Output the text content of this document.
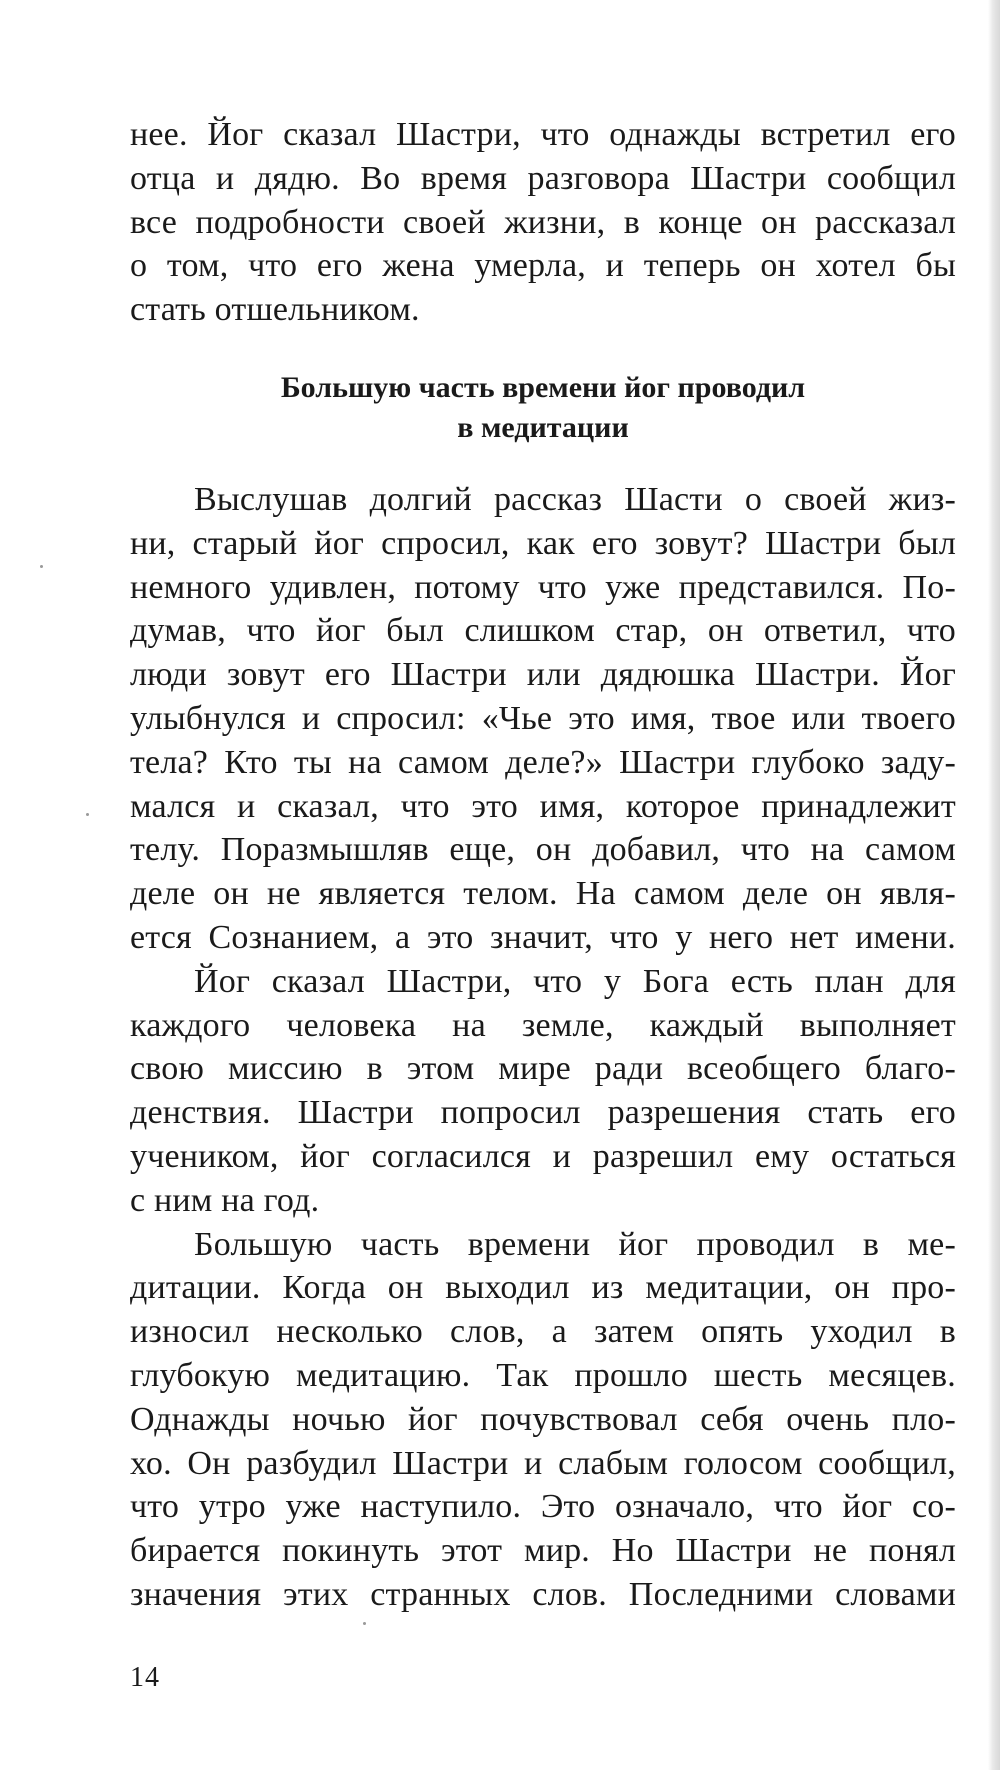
нее. Йог сказал Шастри, что однажды встретил его
отца и дядю. Во время разговора Шастри сообщил
все подробности своей жизни, в конце он рассказал
о том, что его жена умерла, и теперь он хотел бы
стать отшельником.
Большую часть времени йог проводил
в медитации
Выслушав долгий рассказ Шасти о своей жиз-
ни, старый йог спросил, как его зовут? Шастри был
немного удивлен, потому что уже представился. По-
думав, что йог был слишком стар, он ответил, что
люди зовут его Шастри или дядюшка Шастри. Йог
улыбнулся и спросил: «Чье это имя, твое или твоего
тела? Кто ты на самом деле?» Шастри глубоко заду-
мался и сказал, что это имя, которое принадлежит
телу. Поразмышляв еще, он добавил, что на самом
деле он не является телом. На самом деле он явля-
ется Сознанием, а это значит, что у него нет имени.
Йог сказал Шастри, что у Бога есть план для
каждого человека на земле, каждый выполняет
свою миссию в этом мире ради всеобщего благо-
денствия. Шастри попросил разрешения стать его
учеником, йог согласился и разрешил ему остаться
с ним на год.
Большую часть времени йог проводил в ме-
дитации. Когда он выходил из медитации, он про-
износил несколько слов, а затем опять уходил в
глубокую медитацию. Так прошло шесть месяцев.
Однажды ночью йог почувствовал себя очень пло-
хо. Он разбудил Шастри и слабым голосом сообщил,
что утро уже наступило. Это означало, что йог со-
бирается покинуть этот мир. Но Шастри не понял
значения этих странных слов. Последними словами
14
